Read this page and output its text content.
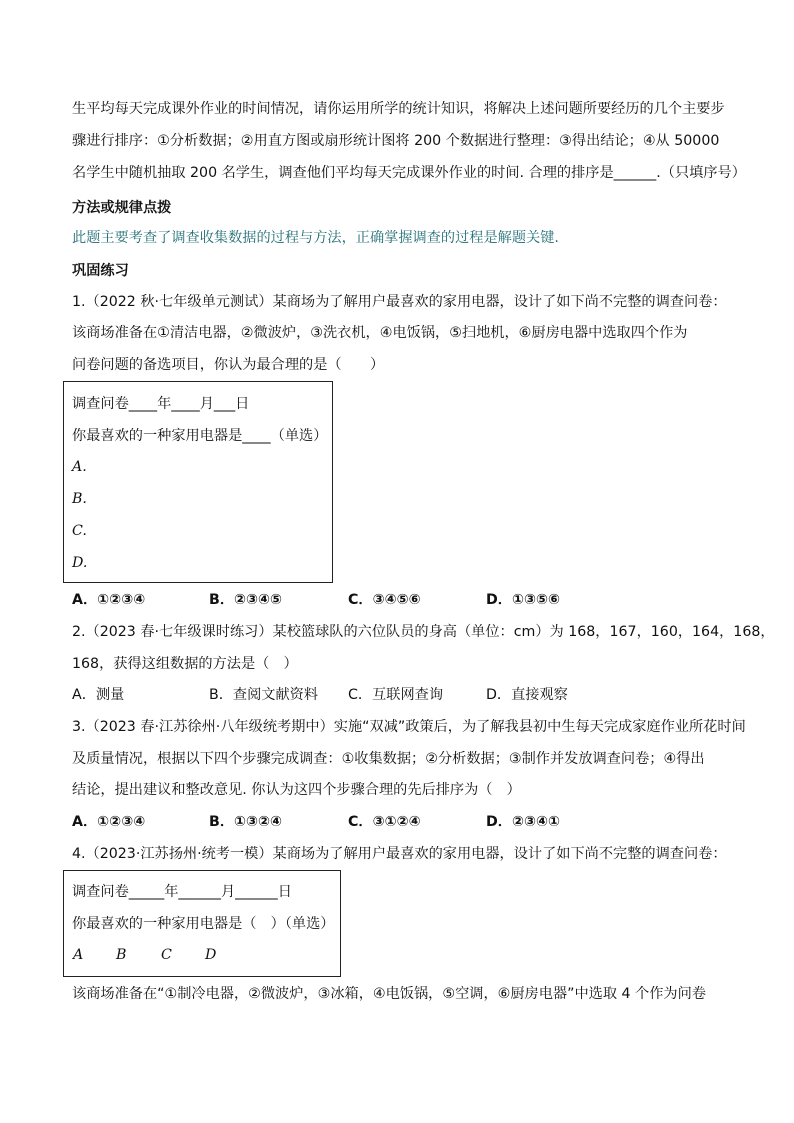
生平均每天完成课外作业的时间情况，请你运用所学的统计知识，将解决上述问题所要经历的几个主要步
骤进行排序：①分析数据；②用直方图或扇形统计图将 200 个数据进行整理：③得出结论；④从 50000
名学生中随机抽取 200 名学生，调查他们平均每天完成课外作业的时间. 合理的排序是______.（只填序号）
方法或规律点拨
此题主要考查了调查收集数据的过程与方法，正确掌握调查的过程是解题关键.
巩固练习
1.（2022 秋·七年级单元测试）某商场为了解用户最喜欢的家用电器，设计了如下尚不完整的调查问卷：
该商场准备在①清洁电器，②微波炉，③洗衣机，④电饭锅，⑤扫地机，⑥厨房电器中选取四个作为
问卷问题的备选项目，你认为最合理的是（　　）
调查问卷____年____月___日
你最喜欢的一种家用电器是____（单选）
A.
B.
C.
D.
A．①②③④	B．②③④⑤	C．③④⑤⑥	D．①③⑤⑥
2.（2023 春·七年级课时练习）某校篮球队的六位队员的身高（单位：cm）为 168，167，160，164，168，
168，获得这组数据的方法是（　）
A．测量	B．查阅文献资料 C．互联网查询	D．直接观察
3.（2023 春·江苏徐州·八年级统考期中）实施“双减”政策后，为了解我县初中生每天完成家庭作业所花时间
及质量情况，根据以下四个步骤完成调查：①收集数据；②分析数据；③制作并发放调查问卷；④得出
结论，提出建议和整改意见. 你认为这四个步骤合理的先后排序为（　）
A．①②③④	B．①③②④	C．③①②④	D．②③④①
4.（2023·江苏扬州·统考一模）某商场为了解用户最喜欢的家用电器，设计了如下尚不完整的调查问卷：
调查问卷_____年______月______日
你最喜欢的一种家用电器是（　）（单选）
A B C D
该商场准备在“①制冷电器，②微波炉，③冰箱，④电饭锅，⑤空调，⑥厨房电器”中选取 4 个作为问卷
